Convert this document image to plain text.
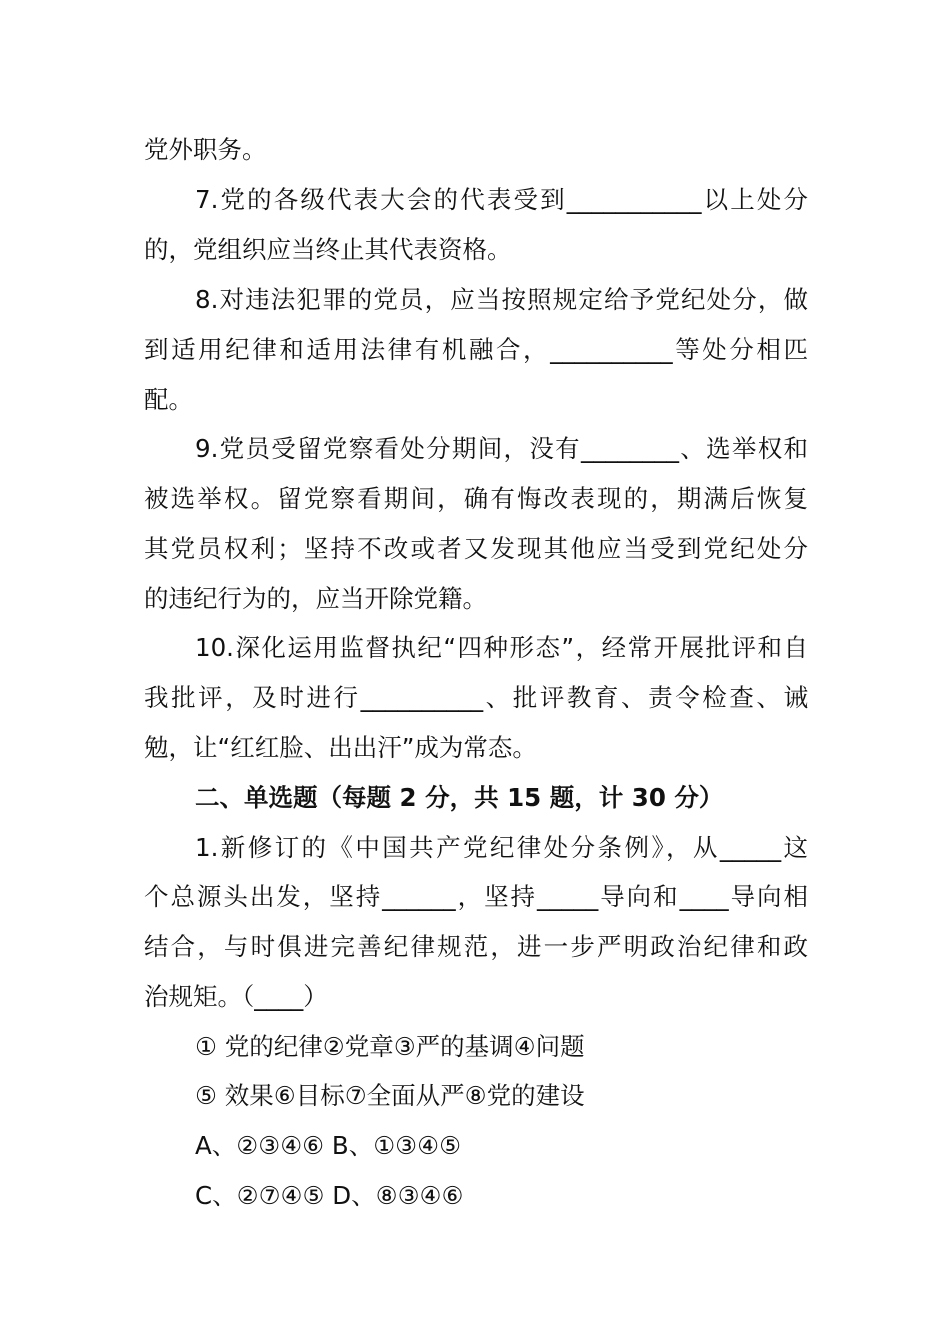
党外职务。
7.党的各级代表大会的代表受到___________以上处分
的，党组织应当终止其代表资格。
8.对违法犯罪的党员，应当按照规定给予党纪处分，做
到适用纪律和适用法律有机融合，__________等处分相匹
配。
9.党员受留党察看处分期间，没有________、选举权和
被选举权。留党察看期间，确有悔改表现的，期满后恢复
其党员权利；坚持不改或者又发现其他应当受到党纪处分
的违纪行为的，应当开除党籍。
10.深化运用监督执纪“四种形态”，经常开展批评和自
我批评，及时进行__________、批评教育、责令检查、诫
勉，让“红红脸、出出汗”成为常态。
二、单选题（每题 2 分，共 15 题，计 30 分）
1.新修订的《中国共产党纪律处分条例》，从_____这
个总源头出发，坚持______，坚持_____导向和____导向相
结合，与时俱进完善纪律规范，进一步严明政治纪律和政
治规矩。（____）
① 党的纪律②党章③严的基调④问题
⑤ 效果⑥目标⑦全面从严⑧党的建设
A、②③④⑥ B、①③④⑤
C、②⑦④⑤ D、⑧③④⑥
